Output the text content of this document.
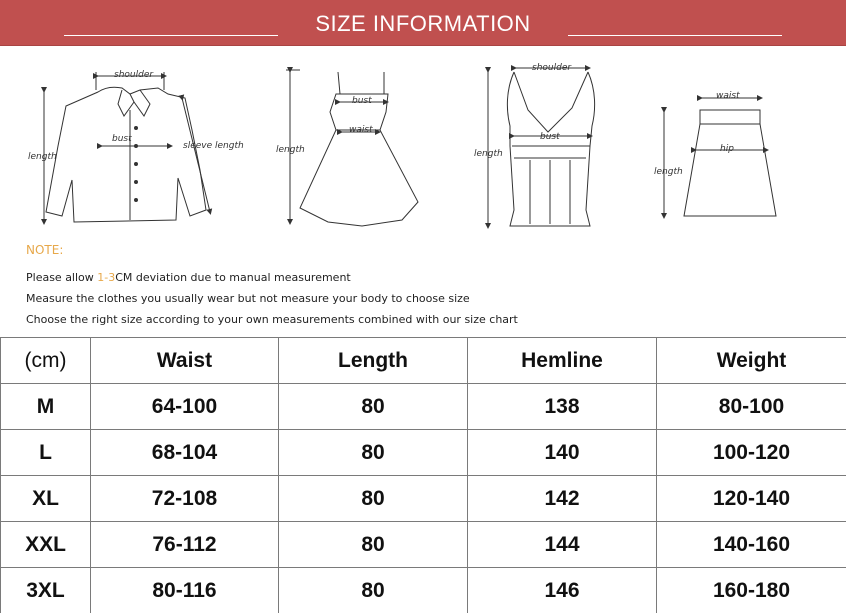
SIZE INFORMATION
shoulder
bust
sleeve length
length
bust
waist
length
shoulder
bust
length
waist
hip
length
NOTE:
Please allow 1-3CM deviation due to manual measurement
Measure the clothes you usually wear but not measure your body to choose size
Choose the right size according to your own measurements combined with our size chart
(cm)	Waist	Length	Hemline	Weight
M	64-100	80	138	80-100
L	68-104	80	140	100-120
XL	72-108	80	142	120-140
XXL	76-112	80	144	140-160
3XL	80-116	80	146	160-180
